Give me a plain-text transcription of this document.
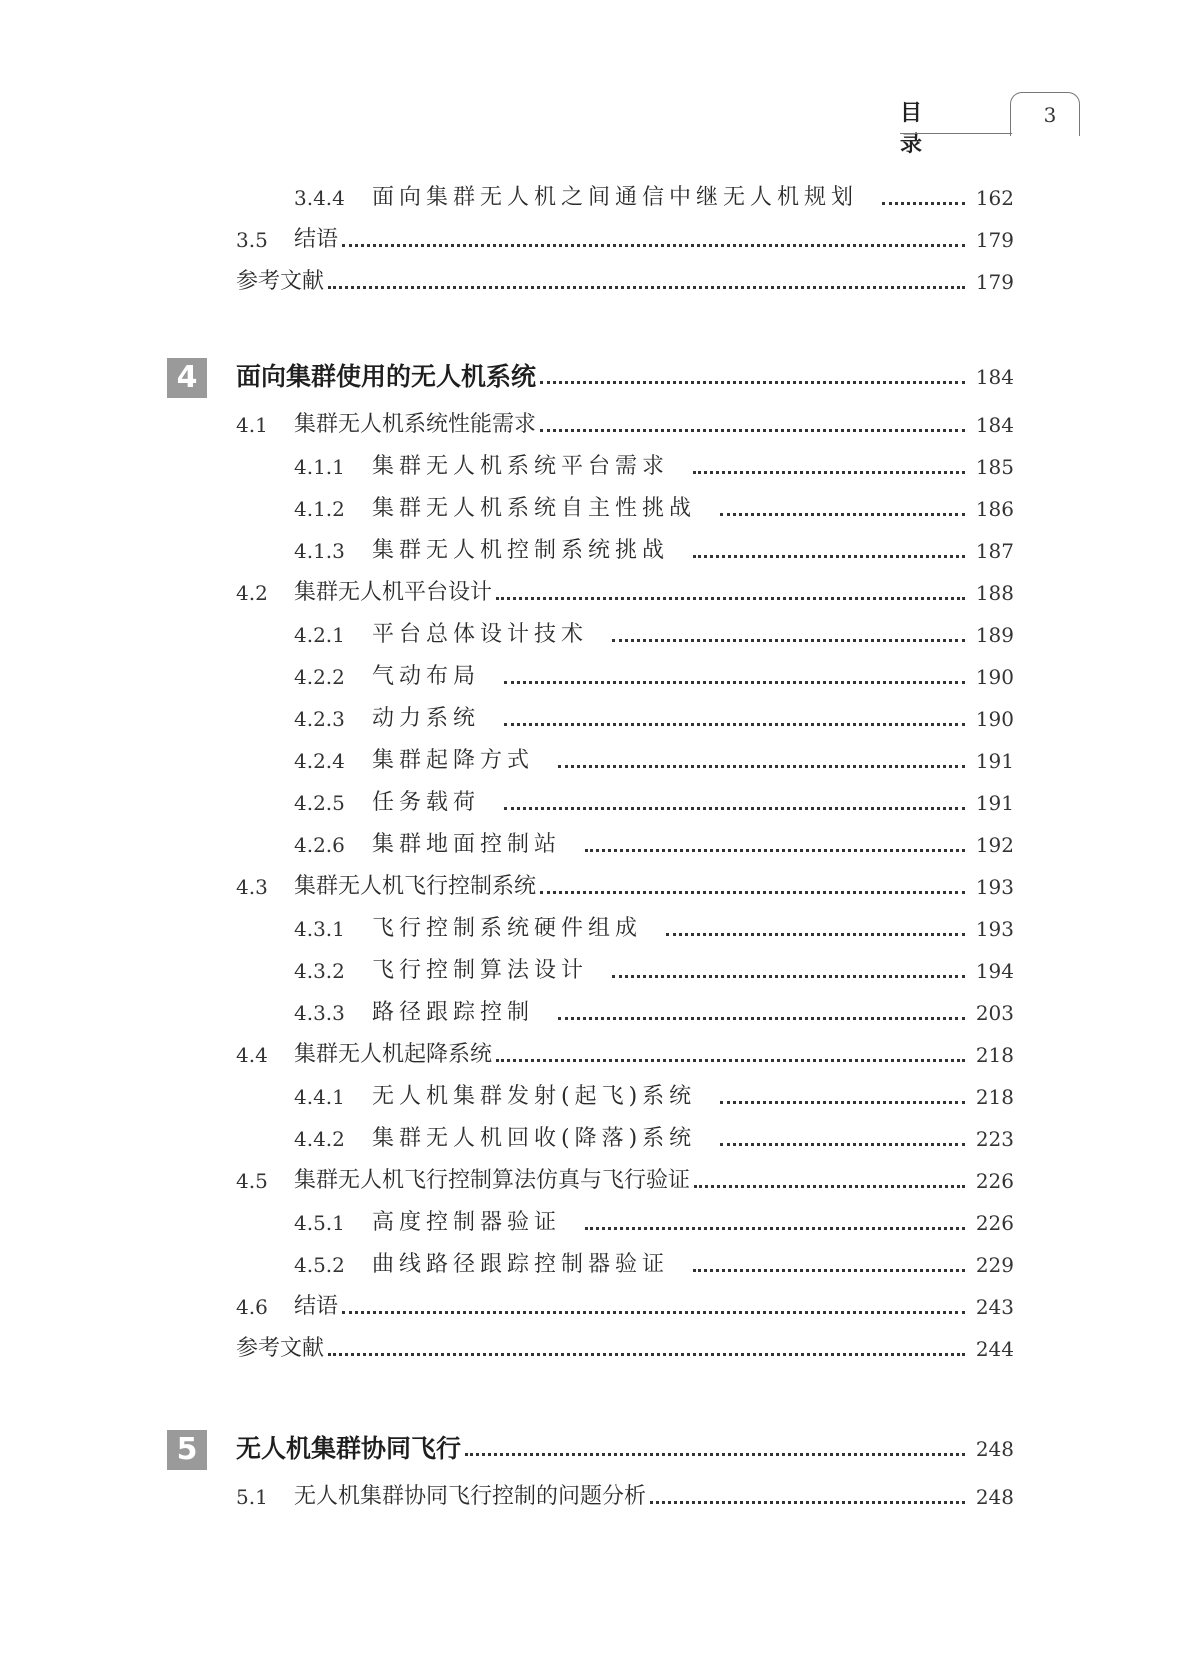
目 录
3
3.4.4 面向集群无人机之间通信中继无人机规划	162
3.5 结语	179
参考文献	179
4	面向集群使用的无人机系统	184
4.1 集群无人机系统性能需求	184
4.1.1 集群无人机系统平台需求	185
4.1.2 集群无人机系统自主性挑战	186
4.1.3 集群无人机控制系统挑战	187
4.2 集群无人机平台设计	188
4.2.1 平台总体设计技术	189
4.2.2 气动布局	190
4.2.3 动力系统	190
4.2.4 集群起降方式	191
4.2.5 任务载荷	191
4.2.6 集群地面控制站	192
4.3 集群无人机飞行控制系统	193
4.3.1 飞行控制系统硬件组成	193
4.3.2 飞行控制算法设计	194
4.3.3 路径跟踪控制	203
4.4 集群无人机起降系统	218
4.4.1 无人机集群发射(起飞)系统	218
4.4.2 集群无人机回收(降落)系统	223
4.5 集群无人机飞行控制算法仿真与飞行验证	226
4.5.1 高度控制器验证	226
4.5.2 曲线路径跟踪控制器验证	229
4.6 结语	243
参考文献	244
5	无人机集群协同飞行	248
5.1 无人机集群协同飞行控制的问题分析	248
